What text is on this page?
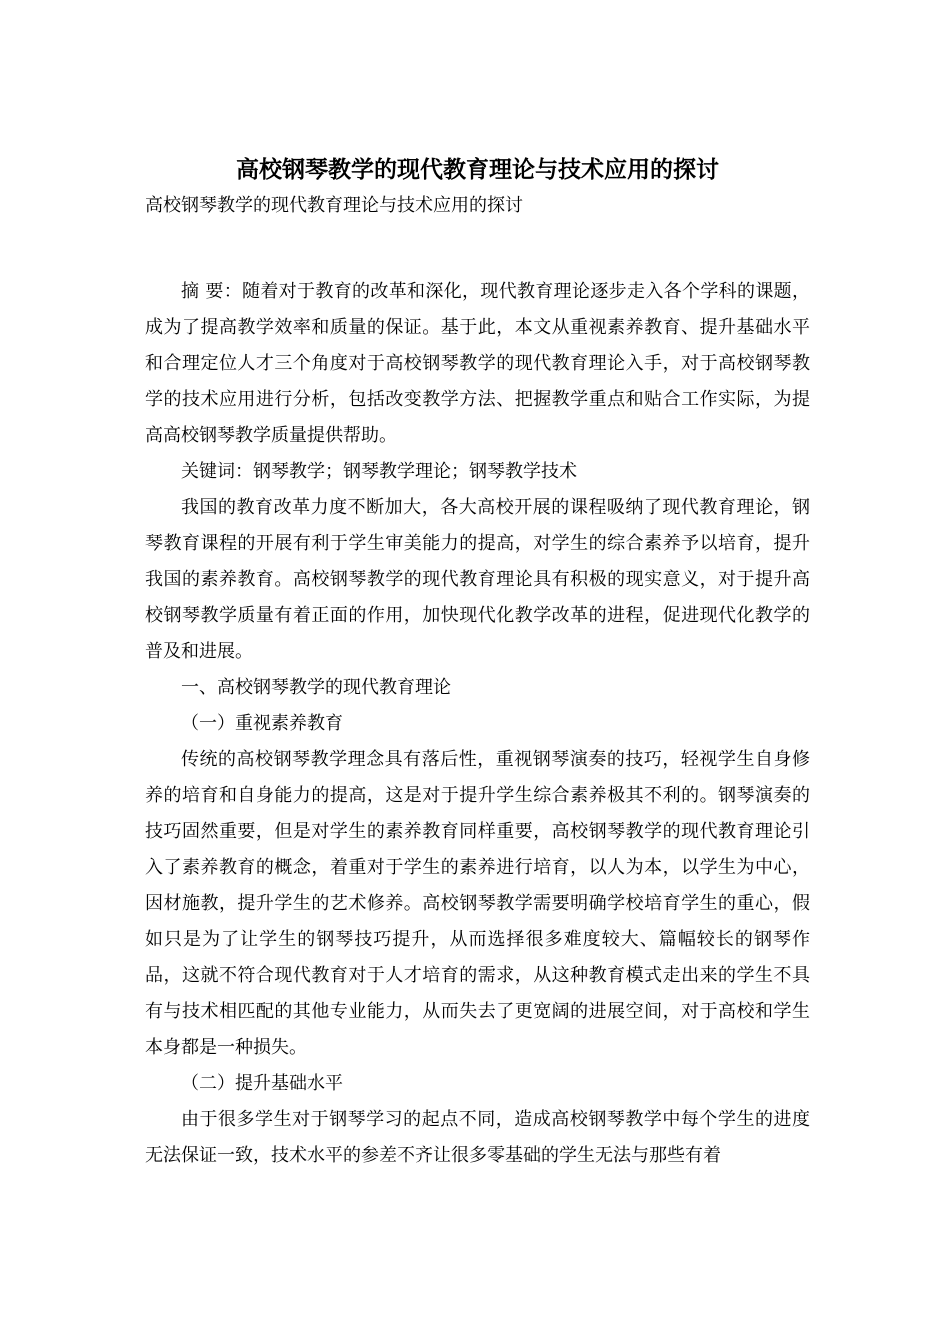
高校钢琴教学的现代教育理论与技术应用的探讨

高校钢琴教学的现代教育理论与技术应用的探讨

摘 要：随着对于教育的改革和深化，现代教育理论逐步走入各个学科的课题，成为了提高教学效率和质量的保证。基于此，本文从重视素养教育、提升基础水平和合理定位人才三个角度对于高校钢琴教学的现代教育理论入手，对于高校钢琴教学的技术应用进行分析，包括改变教学方法、把握教学重点和贴合工作实际，为提高高校钢琴教学质量提供帮助。

关键词：钢琴教学；钢琴教学理论；钢琴教学技术

我国的教育改革力度不断加大，各大高校开展的课程吸纳了现代教育理论，钢琴教育课程的开展有利于学生审美能力的提高，对学生的综合素养予以培育，提升我国的素养教育。高校钢琴教学的现代教育理论具有积极的现实意义，对于提升高校钢琴教学质量有着正面的作用，加快现代化教学改革的进程，促进现代化教学的普及和进展。

一、高校钢琴教学的现代教育理论

（一）重视素养教育

传统的高校钢琴教学理念具有落后性，重视钢琴演奏的技巧，轻视学生自身修养的培育和自身能力的提高，这是对于提升学生综合素养极其不利的。钢琴演奏的技巧固然重要，但是对学生的素养教育同样重要，高校钢琴教学的现代教育理论引入了素养教育的概念，着重对于学生的素养进行培育，以人为本，以学生为中心，因材施教，提升学生的艺术修养。高校钢琴教学需要明确学校培育学生的重心，假如只是为了让学生的钢琴技巧提升，从而选择很多难度较大、篇幅较长的钢琴作品，这就不符合现代教育对于人才培育的需求，从这种教育模式走出来的学生不具有与技术相匹配的其他专业能力，从而失去了更宽阔的进展空间，对于高校和学生本身都是一种损失。

（二）提升基础水平

由于很多学生对于钢琴学习的起点不同，造成高校钢琴教学中每个学生的进度无法保证一致，技术水平的参差不齐让很多零基础的学生无法与那些有着
